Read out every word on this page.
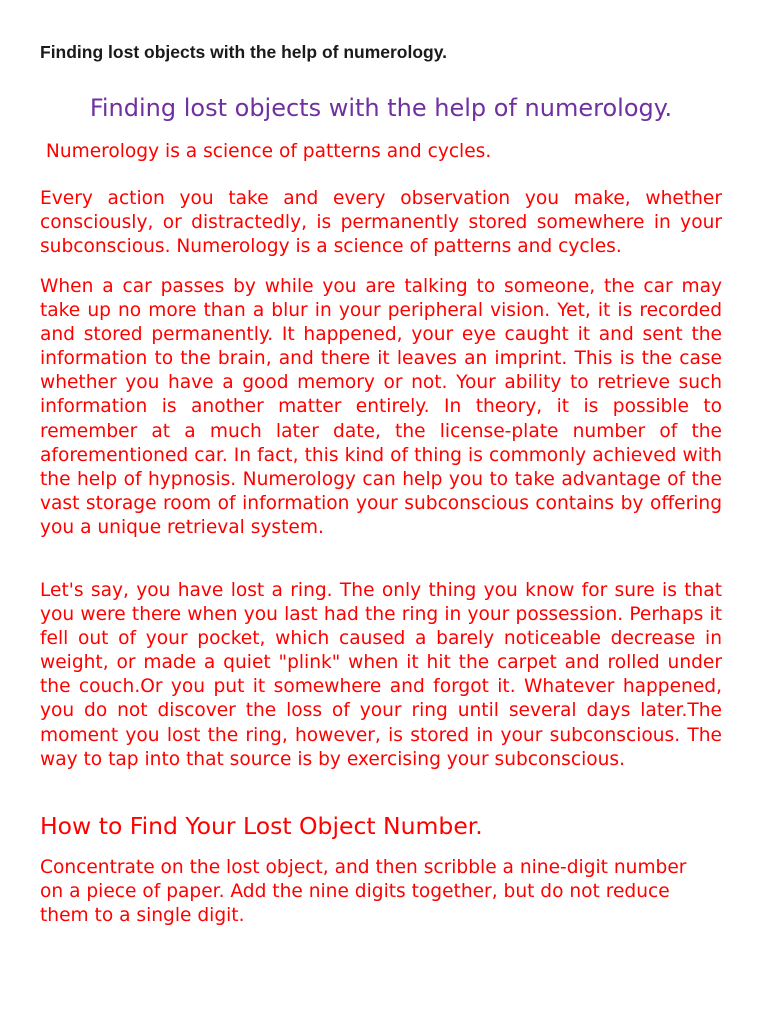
Finding lost objects with the help of numerology.
Finding lost objects with the help of numerology.

Numerology is a science of patterns and cycles.

Every action you take and every observation you make, whether consciously, or distractedly, is permanently stored somewhere in your subconscious. Numerology is a science of patterns and cycles.

When a car passes by while you are talking to someone, the car may take up no more than a blur in your peripheral vision. Yet, it is recorded and stored permanently. It happened, your eye caught it and sent the information to the brain, and there it leaves an imprint. This is the case whether you have a good memory or not. Your ability to retrieve such information is another matter entirely. In theory, it is possible to remember at a much later date, the license-plate number of the aforementioned car. In fact, this kind of thing is commonly achieved with the help of hypnosis. Numerology can help you to take advantage of the vast storage room of information your subconscious contains by offering you a unique retrieval system.

Let's say, you have lost a ring. The only thing you know for sure is that you were there when you last had the ring in your possession. Perhaps it fell out of your pocket, which caused a barely noticeable decrease in weight, or made a quiet "plink" when it hit the carpet and rolled under the couch.Or you put it somewhere and forgot it. Whatever happened, you do not discover the loss of your ring until several days later.The moment you lost the ring, however, is stored in your subconscious. The way to tap into that source is by exercising your subconscious.

How to Find Your Lost Object Number.

Concentrate on the lost object, and then scribble a nine-digit number on a piece of paper. Add the nine digits together, but do not reduce them to a single digit.
